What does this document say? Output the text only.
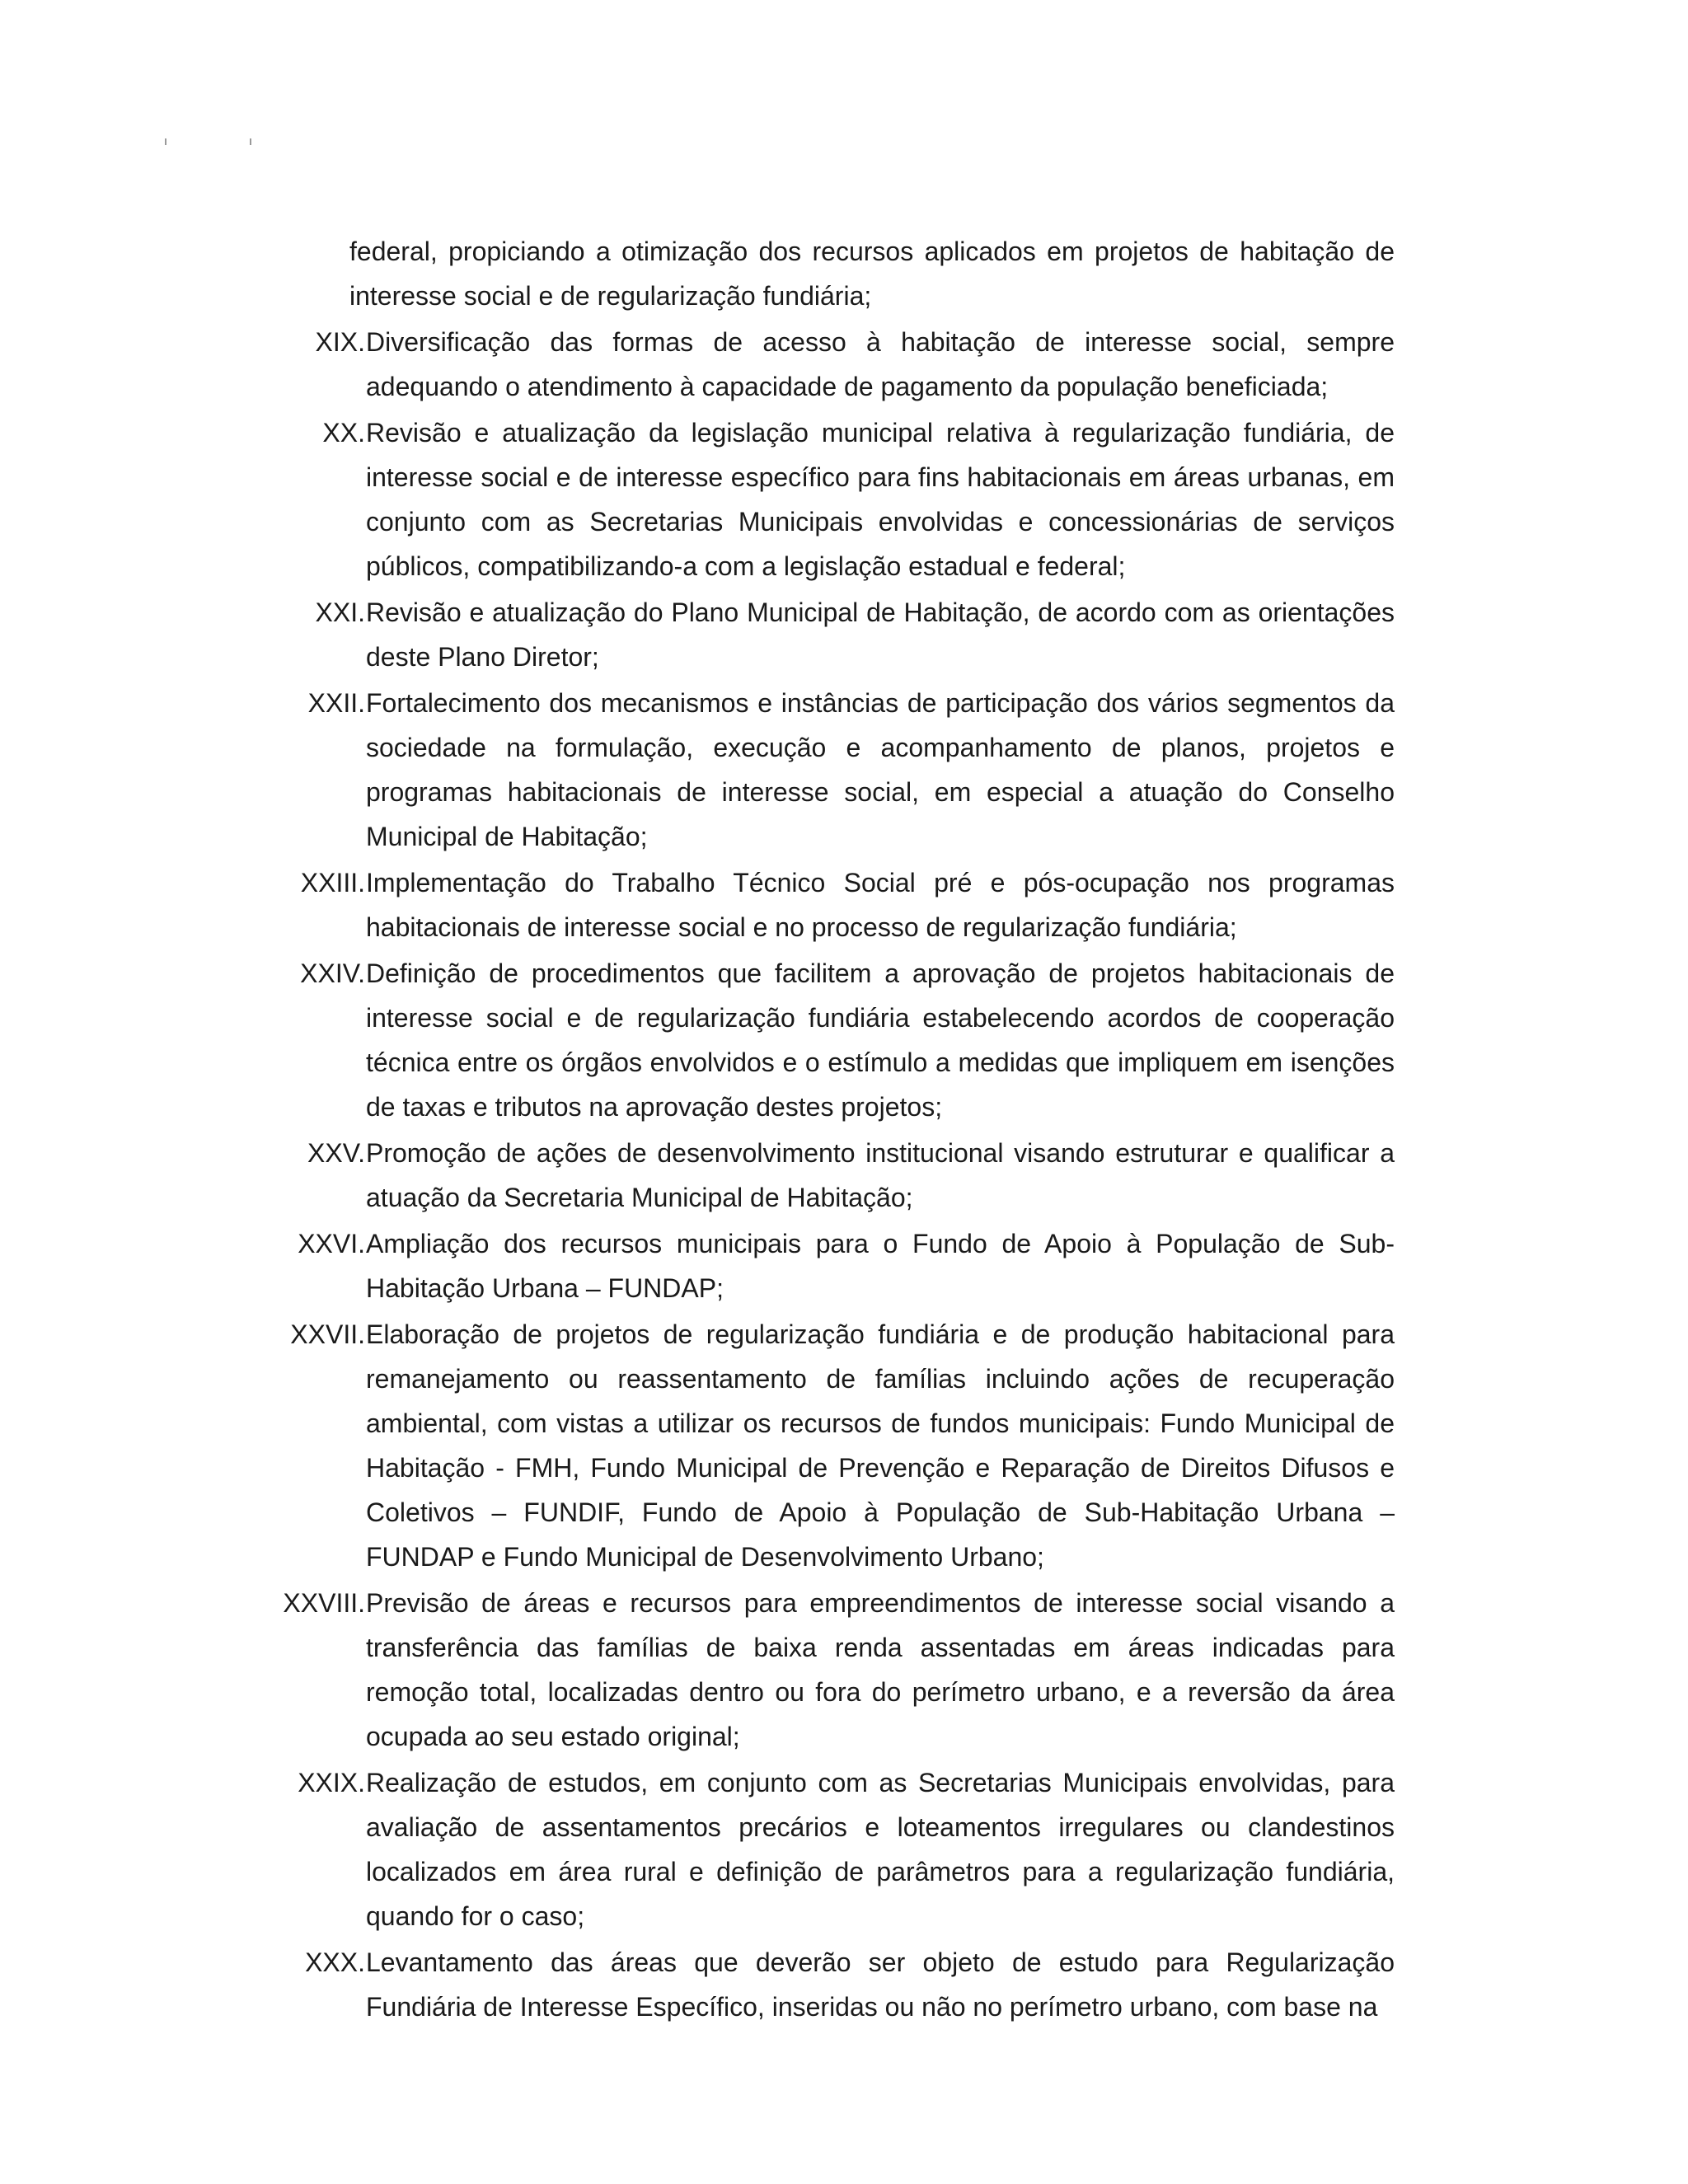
federal, propiciando a otimização dos recursos aplicados em projetos de habitação de interesse social e de regularização fundiária;
XIX. Diversificação das formas de acesso à habitação de interesse social, sempre adequando o atendimento à capacidade de pagamento da população beneficiada;
XX. Revisão e atualização da legislação municipal relativa à regularização fundiária, de interesse social e de interesse específico para fins habitacionais em áreas urbanas, em conjunto com as Secretarias Municipais envolvidas e concessionárias de serviços públicos, compatibilizando-a com a legislação estadual e federal;
XXI. Revisão e atualização do Plano Municipal de Habitação, de acordo com as orientações deste Plano Diretor;
XXII. Fortalecimento dos mecanismos e instâncias de participação dos vários segmentos da sociedade na formulação, execução e acompanhamento de planos, projetos e programas habitacionais de interesse social, em especial a atuação do Conselho Municipal de Habitação;
XXIII. Implementação do Trabalho Técnico Social pré e pós-ocupação nos programas habitacionais de interesse social e no processo de regularização fundiária;
XXIV. Definição de procedimentos que facilitem a aprovação de projetos habitacionais de interesse social e de regularização fundiária estabelecendo acordos de cooperação técnica entre os órgãos envolvidos e o estímulo a medidas que impliquem em isenções de taxas e tributos na aprovação destes projetos;
XXV. Promoção de ações de desenvolvimento institucional visando estruturar e qualificar a atuação da Secretaria Municipal de Habitação;
XXVI. Ampliação dos recursos municipais para o Fundo de Apoio à População de Sub-Habitação Urbana – FUNDAP;
XXVII. Elaboração de projetos de regularização fundiária e de produção habitacional para remanejamento ou reassentamento de famílias incluindo ações de recuperação ambiental, com vistas a utilizar os recursos de fundos municipais: Fundo Municipal de Habitação - FMH, Fundo Municipal de Prevenção e Reparação de Direitos Difusos e Coletivos – FUNDIF, Fundo de Apoio à População de Sub-Habitação Urbana – FUNDAP e Fundo Municipal de Desenvolvimento Urbano;
XXVIII. Previsão de áreas e recursos para empreendimentos de interesse social visando a transferência das famílias de baixa renda assentadas em áreas indicadas para remoção total, localizadas dentro ou fora do perímetro urbano, e a reversão da área ocupada ao seu estado original;
XXIX. Realização de estudos, em conjunto com as Secretarias Municipais envolvidas, para avaliação de assentamentos precários e loteamentos irregulares ou clandestinos localizados em área rural e definição de parâmetros para a regularização fundiária, quando for o caso;
XXX. Levantamento das áreas que deverão ser objeto de estudo para Regularização Fundiária de Interesse Específico, inseridas ou não no perímetro urbano, com base na
